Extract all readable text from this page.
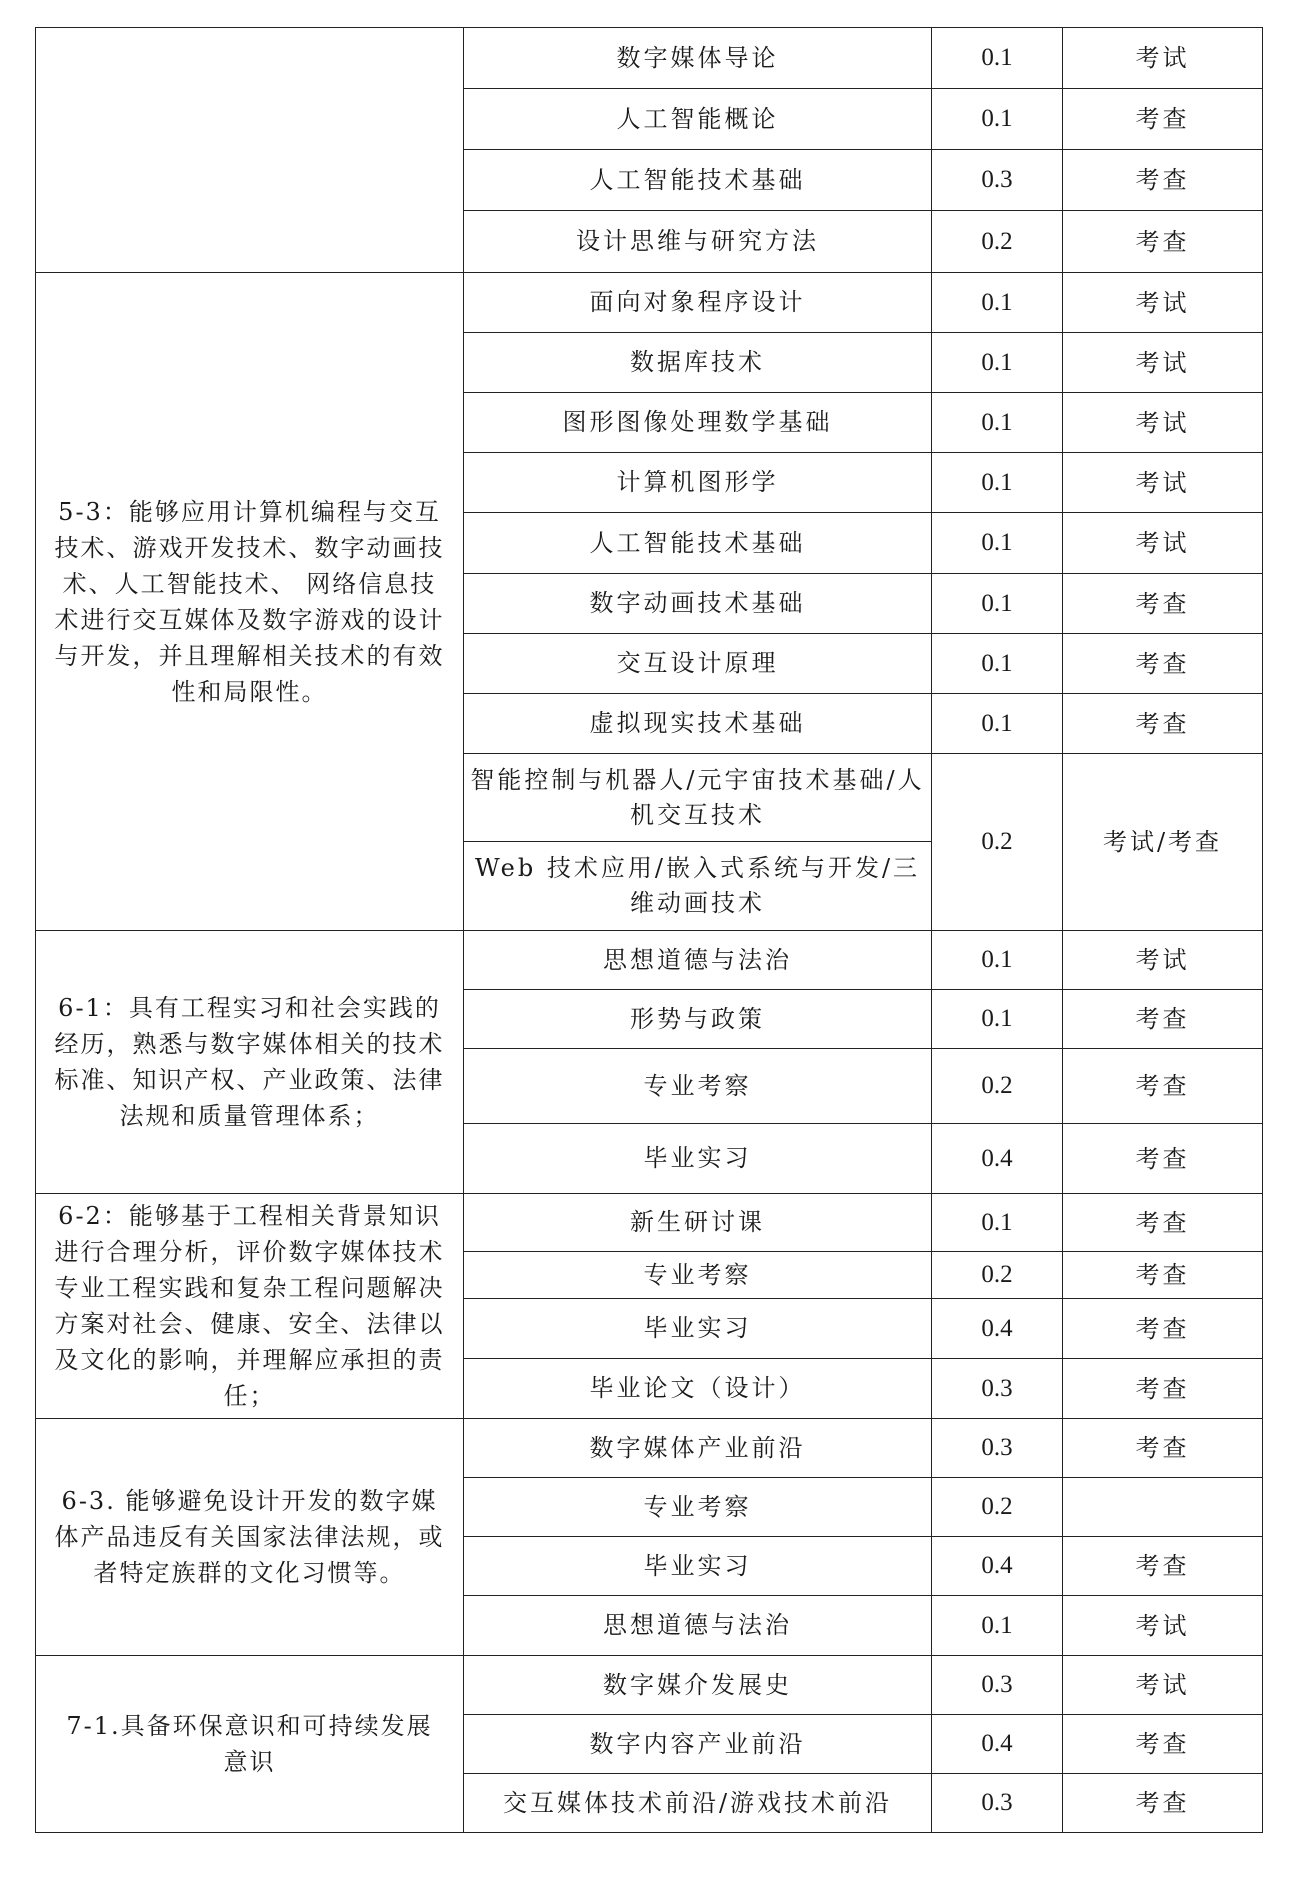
	数字媒体导论	0.1	考试
	人工智能概论	0.1	考查
	人工智能技术基础	0.3	考查
	设计思维与研究方法	0.2	考查
5-3：能够应用计算机编程与交互技术、游戏开发技术、数字动画技术、人工智能技术、 网络信息技术进行交互媒体及数字游戏的设计与开发，并且理解相关技术的有效性和局限性。	面向对象程序设计	0.1	考试
	数据库技术	0.1	考试
	图形图像处理数学基础	0.1	考试
	计算机图形学	0.1	考试
	人工智能技术基础	0.1	考试
	数字动画技术基础	0.1	考查
	交互设计原理	0.1	考查
	虚拟现实技术基础	0.1	考查
	智能控制与机器人/元宇宙技术基础/人机交互技术	0.2	考试/考查
	Web 技术应用/嵌入式系统与开发/三维动画技术		
6-1：具有工程实习和社会实践的经历，熟悉与数字媒体相关的技术标准、知识产权、产业政策、法律法规和质量管理体系；	思想道德与法治	0.1	考试
	形势与政策	0.1	考查
	专业考察	0.2	考查
	毕业实习	0.4	考查
6-2：能够基于工程相关背景知识进行合理分析，评价数字媒体技术专业工程实践和复杂工程问题解决方案对社会、健康、安全、法律以及文化的影响，并理解应承担的责任；	新生研讨课	0.1	考查
	专业考察	0.2	考查
	毕业实习	0.4	考查
	毕业论文（设计）	0.3	考查
6-3. 能够避免设计开发的数字媒体产品违反有关国家法律法规，或者特定族群的文化习惯等。	数字媒体产业前沿	0.3	考查
	专业考察	0.2	
	毕业实习	0.4	考查
	思想道德与法治	0.1	考试
7-1.具备环保意识和可持续发展意识	数字媒介发展史	0.3	考试
	数字内容产业前沿	0.4	考查
	交互媒体技术前沿/游戏技术前沿	0.3	考查
